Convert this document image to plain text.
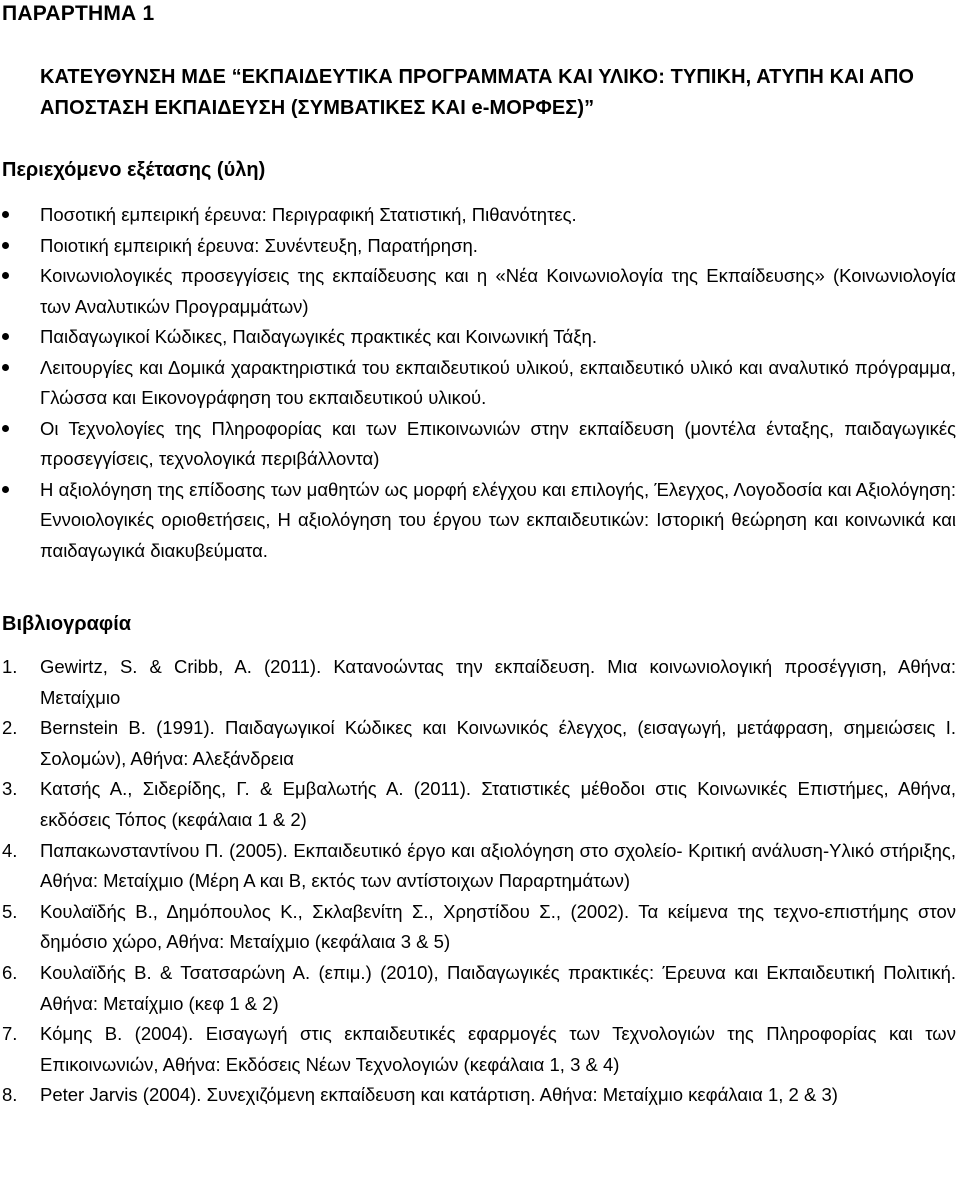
ΠΑΡΑΡΤΗΜΑ 1
ΚΑΤΕΥΘΥΝΣΗ ΜΔΕ “ΕΚΠΑΙΔΕΥΤΙΚΑ ΠΡΟΓΡΑΜΜΑΤΑ ΚΑΙ ΥΛΙΚΟ: ΤΥΠΙΚΗ, ΑΤΥΠΗ ΚΑΙ ΑΠΟ ΑΠΟΣΤΑΣΗ ΕΚΠΑΙΔΕΥΣΗ (ΣΥΜΒΑΤΙΚΕΣ ΚΑΙ e-ΜΟΡΦΕΣ)”
Περιεχόμενο εξέτασης (ύλη)
Ποσοτική εμπειρική έρευνα: Περιγραφική Στατιστική, Πιθανότητες.
Ποιοτική εμπειρική έρευνα: Συνέντευξη, Παρατήρηση.
Κοινωνιολογικές προσεγγίσεις της εκπαίδευσης και η «Νέα Κοινωνιολογία της Εκπαίδευσης» (Κοινωνιολογία των Αναλυτικών Προγραμμάτων)
Παιδαγωγικοί Κώδικες, Παιδαγωγικές πρακτικές και Κοινωνική Τάξη.
Λειτουργίες και Δομικά χαρακτηριστικά του εκπαιδευτικού υλικού, εκπαιδευτικό υλικό και αναλυτικό πρόγραμμα, Γλώσσα και Εικονογράφηση του εκπαιδευτικού υλικού.
Οι Τεχνολογίες της Πληροφορίας και των Επικοινωνιών στην εκπαίδευση (μοντέλα ένταξης, παιδαγωγικές προσεγγίσεις, τεχνολογικά περιβάλλοντα)
Η αξιολόγηση της επίδοσης των μαθητών ως μορφή ελέγχου και επιλογής, Έλεγχος, Λογοδοσία και Αξιολόγηση: Εννοιολογικές οριοθετήσεις, Η αξιολόγηση του έργου των εκπαιδευτικών: Ιστορική θεώρηση και κοινωνικά και παιδαγωγικά διακυβεύματα.
Βιβλιογραφία
1. Gewirtz, S. & Cribb, A. (2011). Κατανοώντας την εκπαίδευση. Μια κοινωνιολογική προσέγγιση, Αθήνα: Μεταίχμιο
2. Bernstein B. (1991). Παιδαγωγικοί Κώδικες και Κοινωνικός έλεγχος, (εισαγωγή, μετάφραση, σημειώσεις Ι. Σολομών), Αθήνα: Αλεξάνδρεια
3. Κατσής Α., Σιδερίδης, Γ. & Εμβαλωτής Α. (2011). Στατιστικές μέθοδοι στις Κοινωνικές Επιστήμες, Αθήνα, εκδόσεις Τόπος (κεφάλαια 1 & 2)
4. Παπακωνσταντίνου Π. (2005). Εκπαιδευτικό έργο και αξιολόγηση στο σχολείο- Κριτική ανάλυση-Υλικό στήριξης, Αθήνα: Μεταίχμιο (Μέρη Α και Β, εκτός των αντίστοιχων Παραρτημάτων)
5. Κουλαϊδής Β., Δημόπουλος Κ., Σκλαβενίτη Σ., Χρηστίδου Σ., (2002). Τα κείμενα της τεχνο-επιστήμης στον δημόσιο χώρο, Αθήνα: Μεταίχμιο (κεφάλαια 3 & 5)
6. Κουλαϊδής Β. & Τσατσαρώνη Α. (επιμ.) (2010), Παιδαγωγικές πρακτικές: Έρευνα και Εκπαιδευτική Πολιτική. Αθήνα: Μεταίχμιο (κεφ 1 & 2)
7. Κόμης Β. (2004). Εισαγωγή στις εκπαιδευτικές εφαρμογές των Τεχνολογιών της Πληροφορίας και των Επικοινωνιών, Αθήνα: Εκδόσεις Νέων Τεχνολογιών (κεφάλαια 1, 3 & 4)
8. Peter Jarvis (2004). Συνεχιζόμενη εκπαίδευση και κατάρτιση. Αθήνα: Μεταίχμιο κεφάλαια 1, 2 & 3)
